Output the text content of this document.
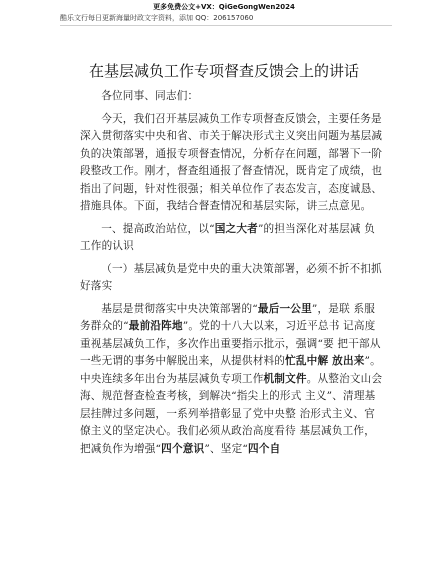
更多免费公文+VX：QiGeGongWen2024
酷乐文行每日更新海量时政文字资料，添加 QQ：206157060
在基层减负工作专项督查反馈会上的讲话

各位同事、同志们：

今天，我们召开基层减负工作专项督查反馈会，主要任务是深入贯彻落实中央和省、市关于解决形式主义突出问题为基层减负的决策部署，通报专项督查情况，分析存在问题，部署下一阶段整改工作。刚才，督查组通报了督查情况，既肯定了成绩，也指出了问题，针对性很强；相关单位作了表态发言，态度诚恳、措施具体。下面，我结合督查情况和基层实际，讲三点意见。

一、提高政治站位，以“国之大者”的担当深化对基层减 负工作的认识

（一）基层减负是党中央的重大决策部署，必须不折不扣抓好落实

基层是贯彻落实中央决策部署的“最后一公里”，是联 系服务群众的“最前沿阵地”。党的十八大以来，习近平总书 记高度重视基层减负工作，多次作出重要指示批示，强调“要 把干部从一些无谓的事务中解脱出来，从提供材料的忙乱中解 放出来”。中央连续多年出台为基层减负专项工作机制文件。从整治文山会海、规范督查检查考核，到解决“指尖上的形式 主义”、清理基层挂牌过多问题，一系列举措彰显了党中央整 治形式主义、官僚主义的坚定决心。我们必须从政治高度看待 基层减负工作，把减负作为增强“四个意识”、坚定“四个自
